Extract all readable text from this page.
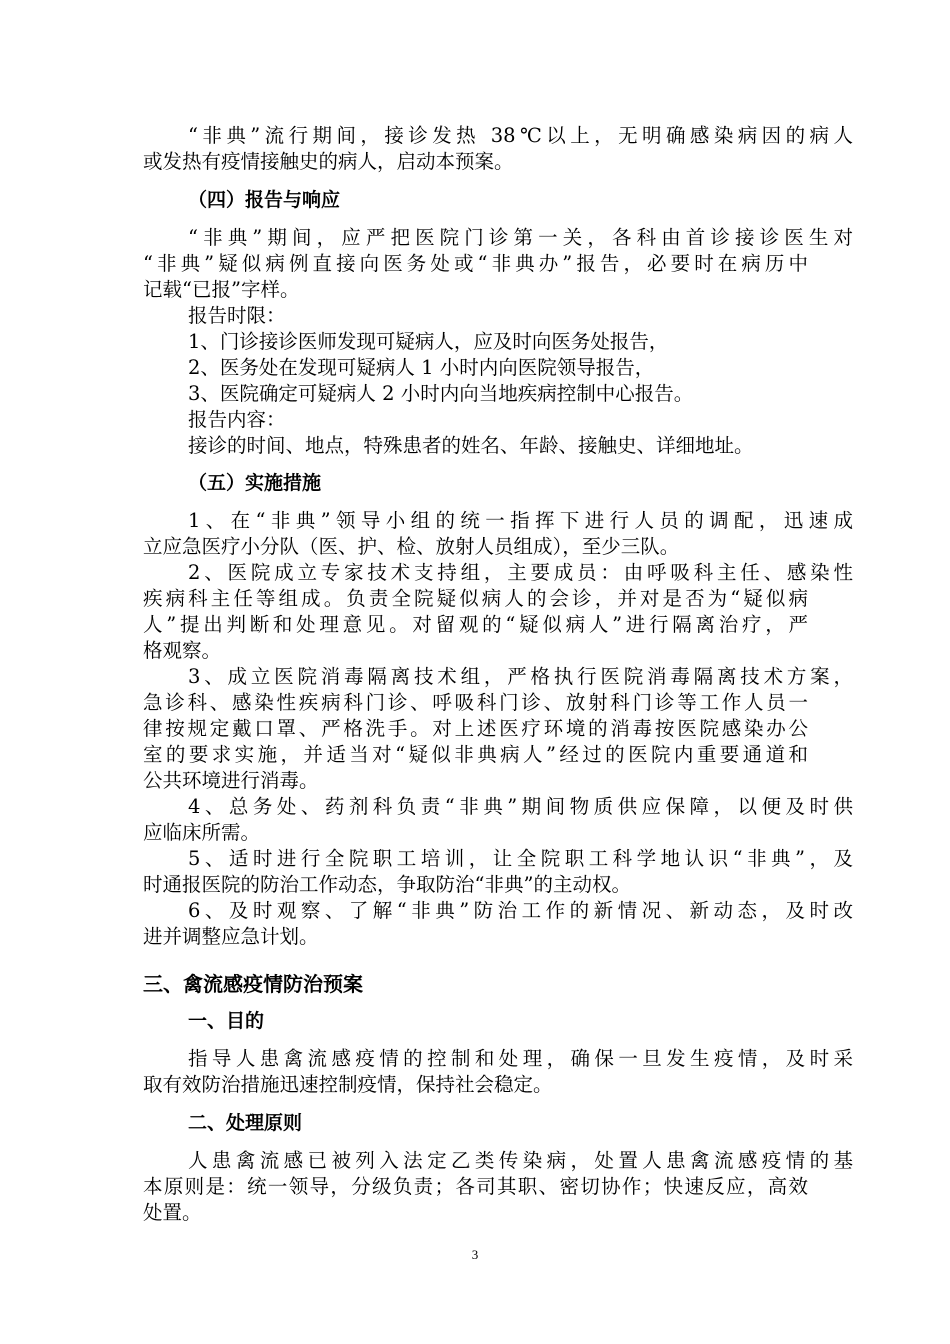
“非典”流行期间，接诊发热 38℃以上，无明确感染病因的病人
或发热有疫情接触史的病人，启动本预案。
（四）报告与响应
“非典”期间，应严把医院门诊第一关，各科由首诊接诊医生对
“非典”疑似病例直接向医务处或“非典办”报告，必要时在病历中
记载“已报”字样。
报告时限：
1、门诊接诊医师发现可疑病人，应及时向医务处报告，
2、医务处在发现可疑病人 1 小时内向医院领导报告，
3、医院确定可疑病人 2 小时内向当地疾病控制中心报告。
报告内容：
接诊的时间、地点，特殊患者的姓名、年龄、接触史、详细地址。
（五）实施措施
1、在“非典”领导小组的统一指挥下进行人员的调配，迅速成
立应急医疗小分队（医、护、检、放射人员组成），至少三队。
2、医院成立专家技术支持组，主要成员：由呼吸科主任、感染性
疾病科主任等组成。负责全院疑似病人的会诊，并对是否为“疑似病
人”提出判断和处理意见。对留观的“疑似病人”进行隔离治疗，严
格观察。
3、成立医院消毒隔离技术组，严格执行医院消毒隔离技术方案，
急诊科、感染性疾病科门诊、呼吸科门诊、放射科门诊等工作人员一
律按规定戴口罩、严格洗手。对上述医疗环境的消毒按医院感染办公
室的要求实施，并适当对“疑似非典病人”经过的医院内重要通道和
公共环境进行消毒。
4、总务处、药剂科负责“非典”期间物质供应保障，以便及时供
应临床所需。
5、适时进行全院职工培训，让全院职工科学地认识“非典”，及
时通报医院的防治工作动态，争取防治“非典”的主动权。
6、及时观察、了解“非典”防治工作的新情况、新动态，及时改
进并调整应急计划。
三、禽流感疫情防治预案
一、目的
指导人患禽流感疫情的控制和处理，确保一旦发生疫情，及时采
取有效防治措施迅速控制疫情，保持社会稳定。
二、处理原则
人患禽流感已被列入法定乙类传染病，处置人患禽流感疫情的基
本原则是：统一领导，分级负责；各司其职、密切协作；快速反应，高效
处置。
3
